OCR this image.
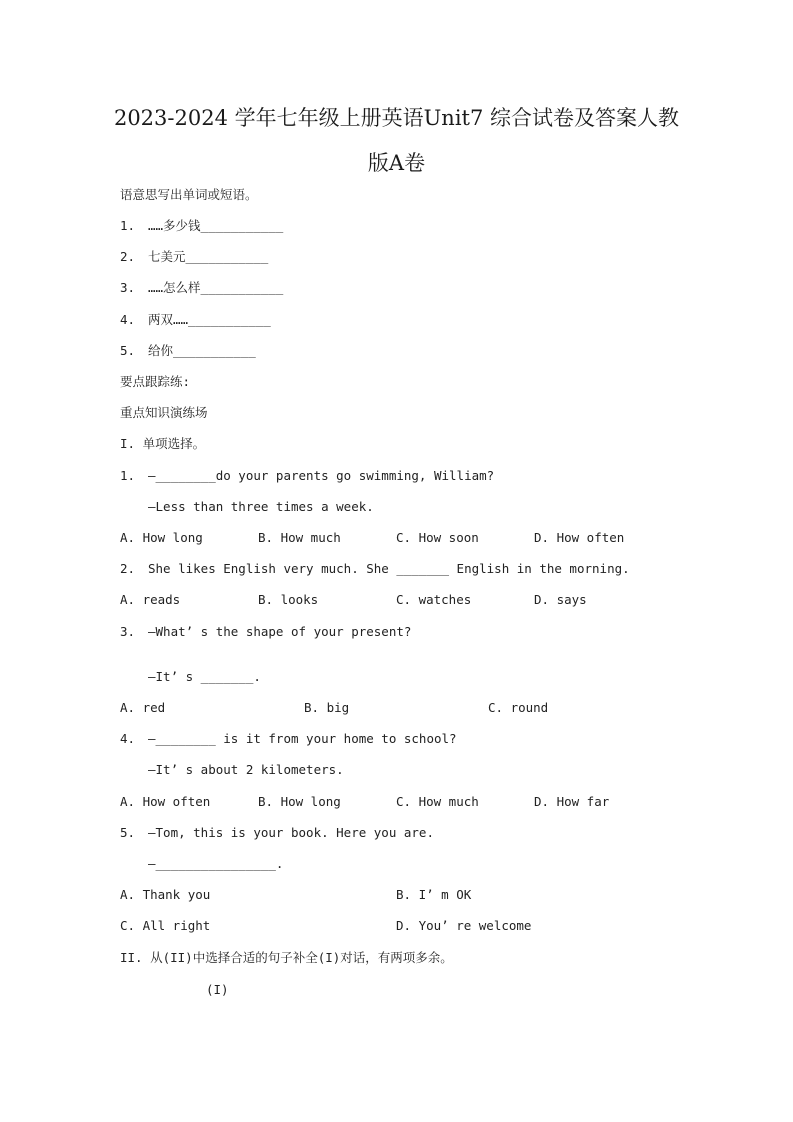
2023-2024 学年七年级上册英语Unit7 综合试卷及答案人教
版A卷
语意思写出单词或短语。
1. ……多少钱___________
2. 七美元___________
3. ……怎么样___________
4. 两双……___________
5. 给你___________
要点跟踪练:
重点知识演练场
I. 单项选择。
1. —________do your parents go swimming, William?
—Less than three times a week.
A. How long	B. How much	C. How soon	D. How often
2. She likes English very much. She _______ English in the morning.
A. reads	B. looks	C. watches	D. says
3. —What’ s the shape of your present?
—It’ s _______.
A. red	B. big	C. round
4. —________ is it from your home to school?
—It’ s about 2 kilometers.
A. How often	B. How long	C. How much	D. How far
5. —Tom, this is your book. Here you are.
—________________.
A. Thank you	B. I’ m OK
C. All right	D. You’ re welcome
II. 从(II)中选择合适的句子补全(I)对话，有两项多余。
(I)
